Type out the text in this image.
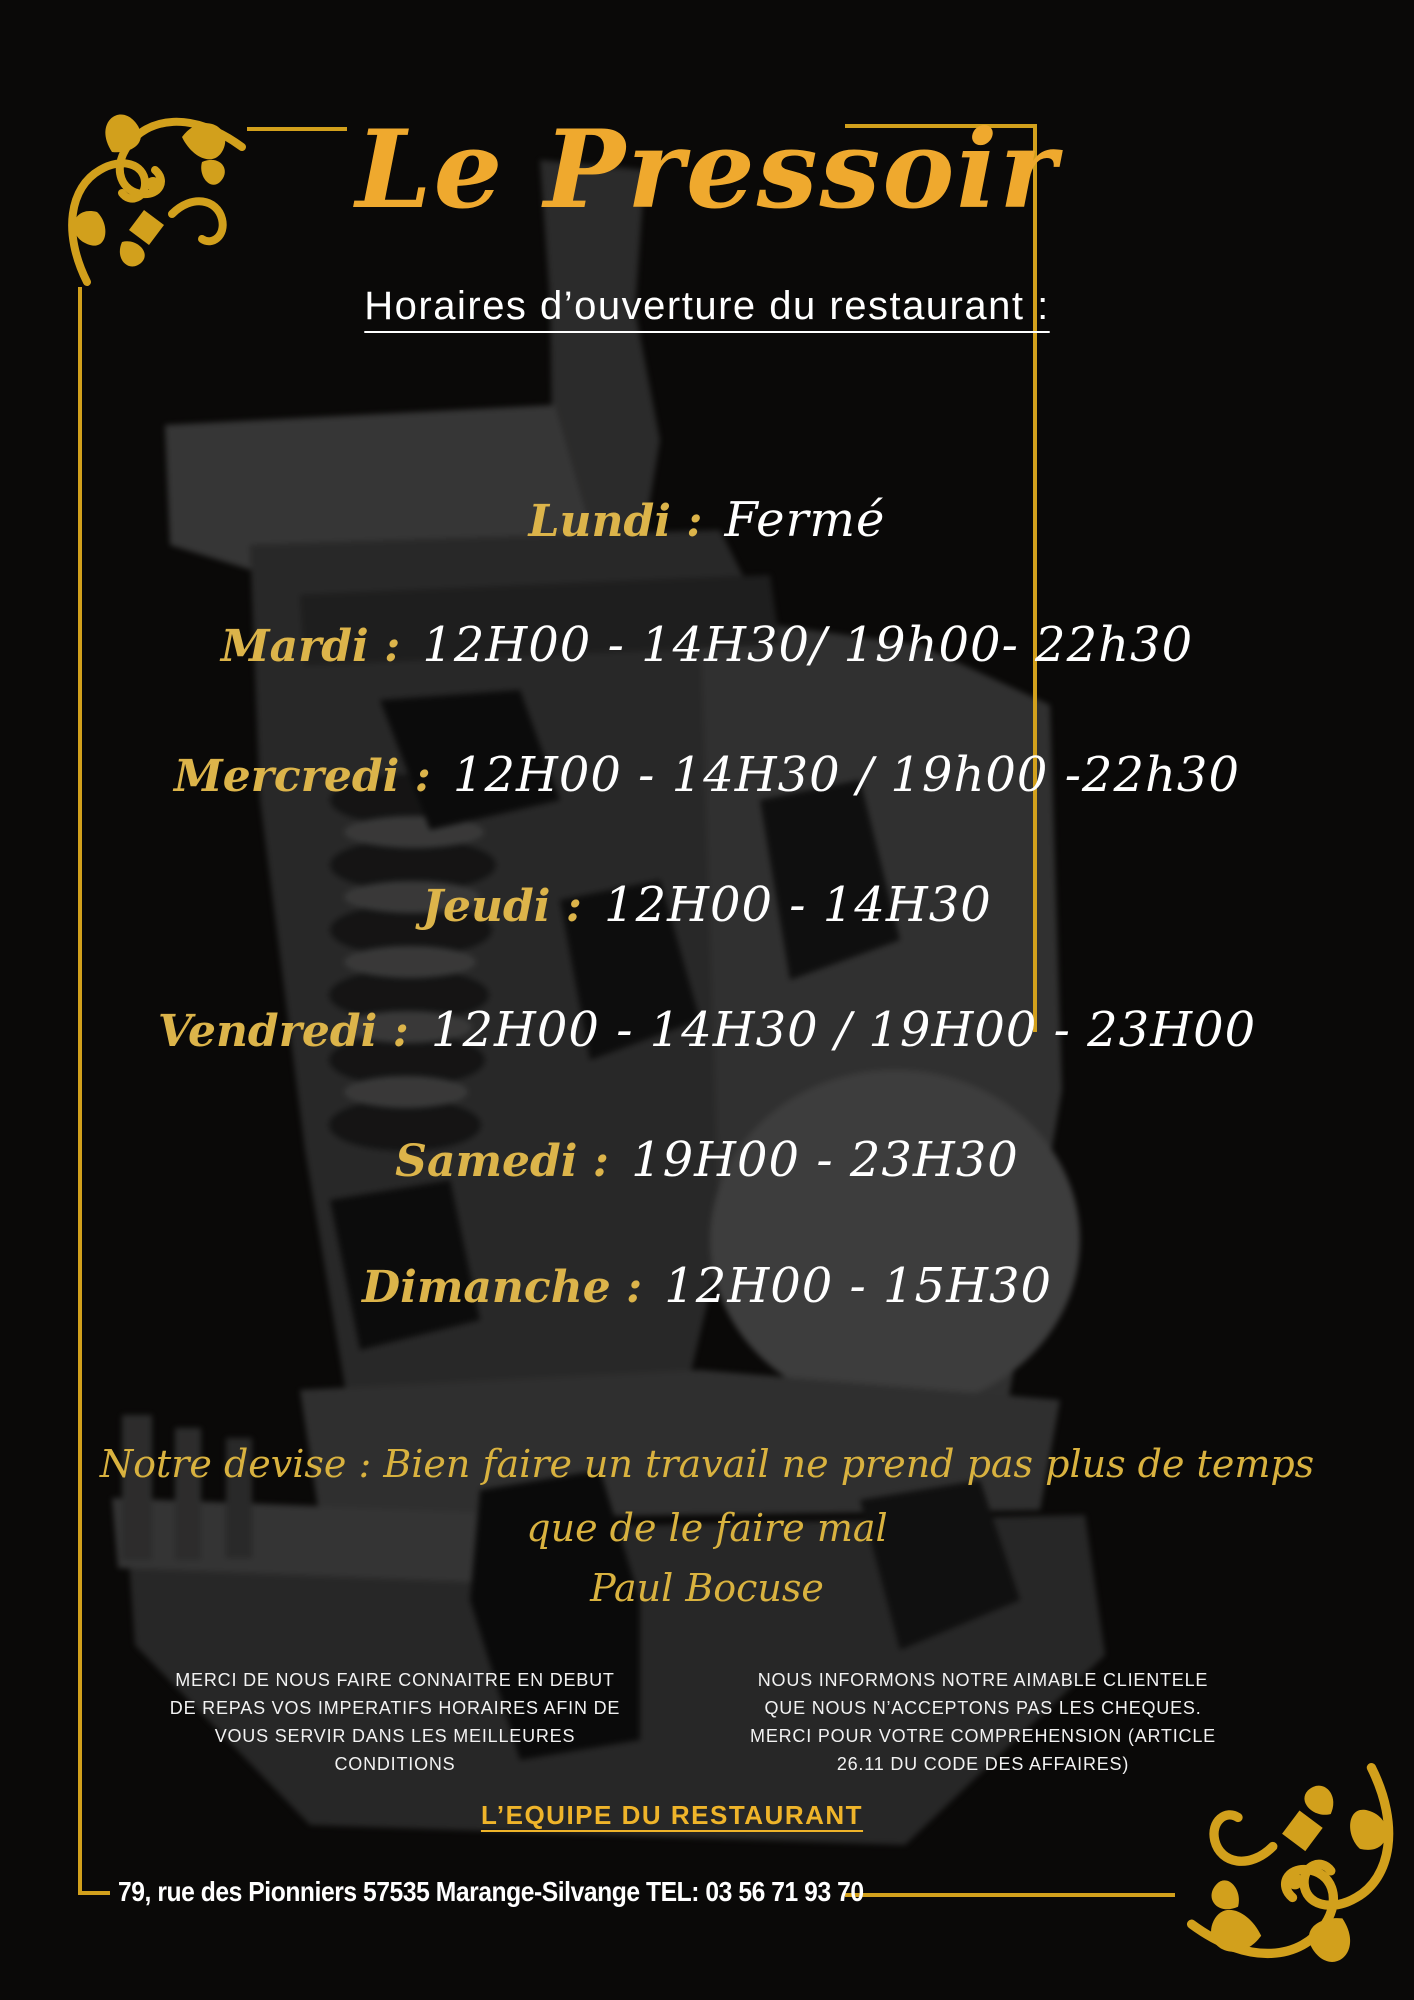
Le Pressoir
Horaires d’ouverture du restaurant :
Lundi : Fermé
Mardi : 12H00 - 14H30/ 19h00- 22h30
Mercredi : 12H00 - 14H30 / 19h00 -22h30
Jeudi : 12H00 - 14H30
Vendredi : 12H00 - 14H30 / 19H00 - 23H00
Samedi : 19H00 - 23H30
Dimanche : 12H00 - 15H30
Notre devise : Bien faire un travail ne prend pas plus de temps
que de le faire mal
Paul Bocuse
MERCI DE NOUS FAIRE CONNAITRE EN DEBUT DE REPAS VOS IMPERATIFS HORAIRES AFIN DE VOUS SERVIR DANS LES MEILLEURES CONDITIONS
NOUS INFORMONS NOTRE AIMABLE CLIENTELE QUE NOUS N’ACCEPTONS PAS LES CHEQUES. MERCI POUR VOTRE COMPREHENSION (ARTICLE 26.11 DU CODE DES AFFAIRES)
L’EQUIPE DU RESTAURANT
79, rue des Pionniers 57535 Marange-Silvange TEL: 03 56 71 93 70
